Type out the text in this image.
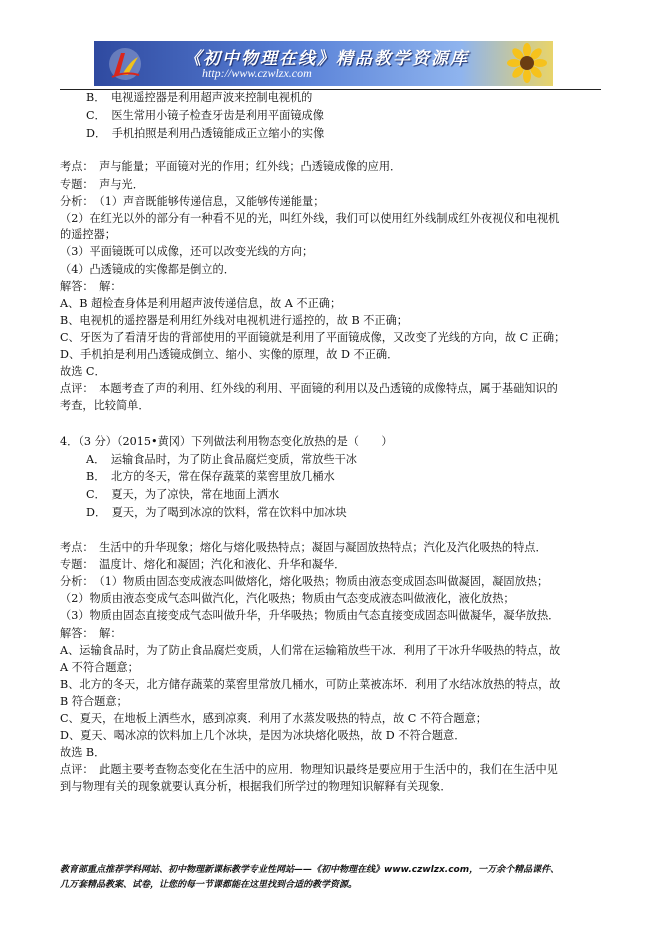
《初中物理在线》精品教学资源库
http://www.czwlzx.com
B．　电视遥控器是利用超声波来控制电视机的
C．　医生常用小镜子检查牙齿是利用平面镜成像
D．　手机拍照是利用凸透镜能成正立缩小的实像
考点：　声与能量；平面镜对光的作用；红外线；凸透镜成像的应用．
专题：　声与光．
分析：　（1）声音既能够传递信息，又能够传递能量；
（2）在红光以外的部分有一种看不见的光，叫红外线，我们可以使用红外线制成红外夜视仪和电视机
的遥控器；
（3）平面镜既可以成像，还可以改变光线的方向；
（4）凸透镜成的实像都是倒立的．
解答：　解：
A、B 超检查身体是利用超声波传递信息，故 A 不正确；
B、电视机的遥控器是利用红外线对电视机进行遥控的，故 B 不正确；
C、牙医为了看清牙齿的背部使用的平面镜就是利用了平面镜成像，又改变了光线的方向，故 C 正确；
D、手机拍是利用凸透镜成倒立、缩小、实像的原理，故 D 不正确．
故选 C．
点评：　本题考查了声的利用、红外线的利用、平面镜的利用以及凸透镜的成像特点，属于基础知识的
考查，比较简单．
4．（3 分）（2015•黄冈）下列做法利用物态变化放热的是（　　）
A．　运输食品时，为了防止食品腐烂变质，常放些干冰
B．　北方的冬天，常在保存蔬菜的菜窖里放几桶水
C．　夏天，为了凉快，常在地面上洒水
D．　夏天，为了喝到冰凉的饮料，常在饮料中加冰块
考点：　生活中的升华现象；熔化与熔化吸热特点；凝固与凝固放热特点；汽化及汽化吸热的特点．
专题：　温度计、熔化和凝固；汽化和液化、升华和凝华．
分析：　（1）物质由固态变成液态叫做熔化，熔化吸热；物质由液态变成固态叫做凝固，凝固放热；
（2）物质由液态变成气态叫做汽化，汽化吸热；物质由气态变成液态叫做液化，液化放热；
（3）物质由固态直接变成气态叫做升华，升华吸热；物质由气态直接变成固态叫做凝华，凝华放热．
解答：　解：
A、运输食品时，为了防止食品腐烂变质，人们常在运输箱放些干冰．利用了干冰升华吸热的特点，故
A 不符合题意；
B、北方的冬天，北方储存蔬菜的菜窖里常放几桶水，可防止菜被冻坏．利用了水结冰放热的特点，故
B 符合题意；
C、夏天，在地板上洒些水，感到凉爽．利用了水蒸发吸热的特点，故 C 不符合题意；
D、夏天、喝冰凉的饮料加上几个冰块，是因为冰块熔化吸热，故 D 不符合题意．
故选 B．
点评：　此题主要考查物态变化在生活中的应用．物理知识最终是要应用于生活中的，我们在生活中见
到与物理有关的现象就要认真分析，根据我们所学过的物理知识解释有关现象．
教育部重点推荐学科网站、初中物理新课标教学专业性网站——《初中物理在线》www.czwlzx.com，一万余个精品课件、
几万套精品教案、试卷，让您的每一节课都能在这里找到合适的教学资源。
